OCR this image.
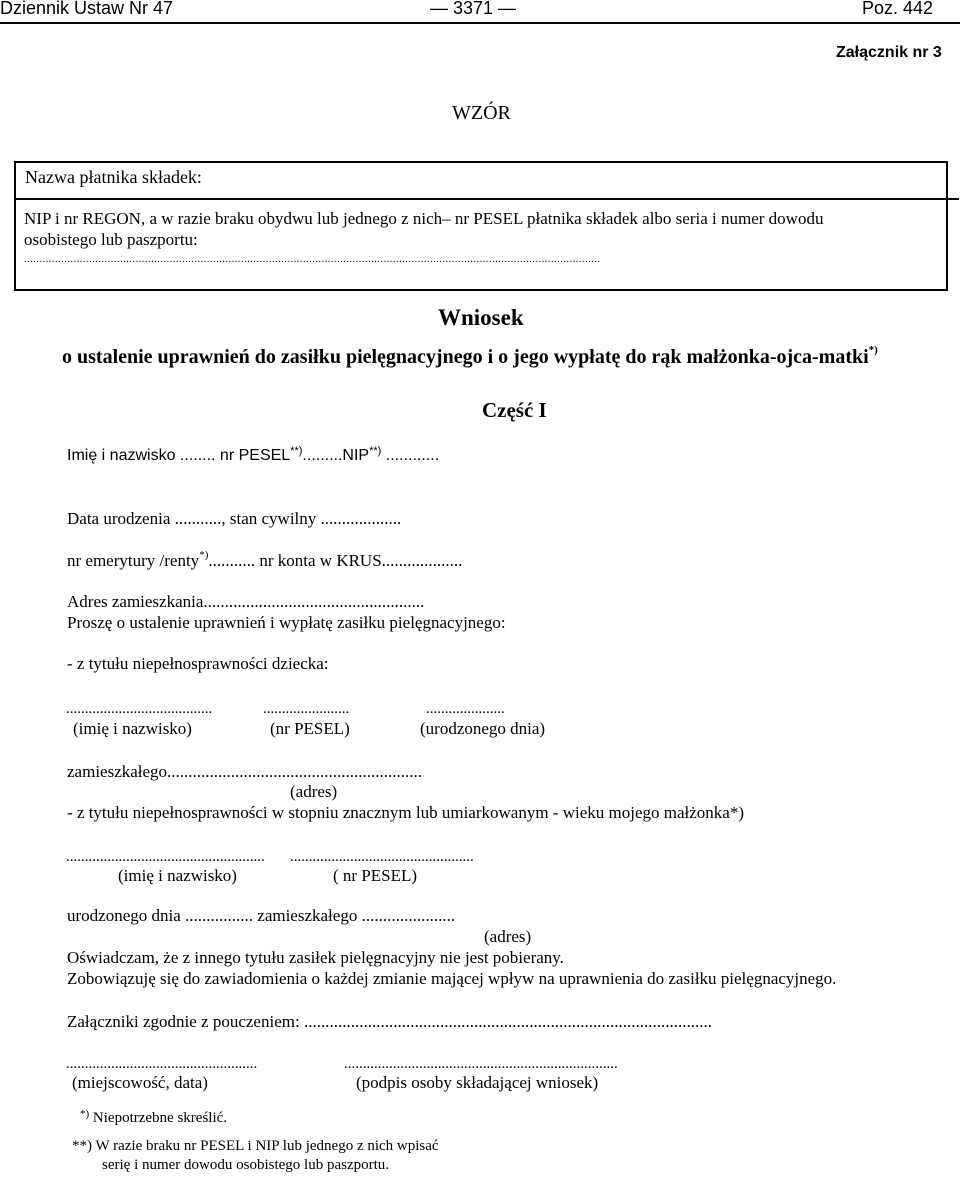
Dziennik Ustaw Nr 47	— 3371 —	Poz. 442
Załącznik nr 3
WZÓR
Nazwa płatnika składek:
NIP i nr REGON, a w razie braku obydwu lub jednego z nich– nr PESEL płatnika składek albo seria i numer dowodu
osobistego lub paszportu:
..........................................................................................................................................................................................
Wniosek
o ustalenie uprawnień do zasiłku pielęgnacyjnego i o jego wypłatę do rąk małżonka-ojca-matki*)
Część I
Imię i nazwisko ........ nr PESEL**).........NIP**) ............
Data urodzenia ..........., stan cywilny ...................
nr emerytury /renty*)........... nr konta w KRUS...................
Adres zamieszkania....................................................
Proszę o ustalenie uprawnień i wypłatę zasiłku pielęgnacyjnego:
- z tytułu niepełnosprawności dziecka:
.......................................	.......................	.....................
(imię i nazwisko)	(nr PESEL)	(urodzonego dnia)
zamieszkałego............................................................
(adres)
- z tytułu niepełnosprawności w stopniu znacznym lub umiarkowanym - wieku mojego małżonka*)
..................................................... .................................................
(imię i nazwisko)	( nr PESEL)
urodzonego dnia ................ zamieszkałego ......................
(adres)
Oświadczam, że z innego tytułu zasiłek pielęgnacyjny nie jest pobierany.
Zobowiązuję się do zawiadomienia o każdej zmianie mającej wpływ na uprawnienia do zasiłku pielęgnacyjnego.
Załączniki zgodnie z pouczeniem: ................................................................................................
...................................................	.........................................................................
(miejscowość, data)	(podpis osoby składającej wniosek)
*) Niepotrzebne skreślić.
**) W razie braku nr PESEL i NIP lub jednego z nich wpisać
serię i numer dowodu osobistego lub paszportu.
